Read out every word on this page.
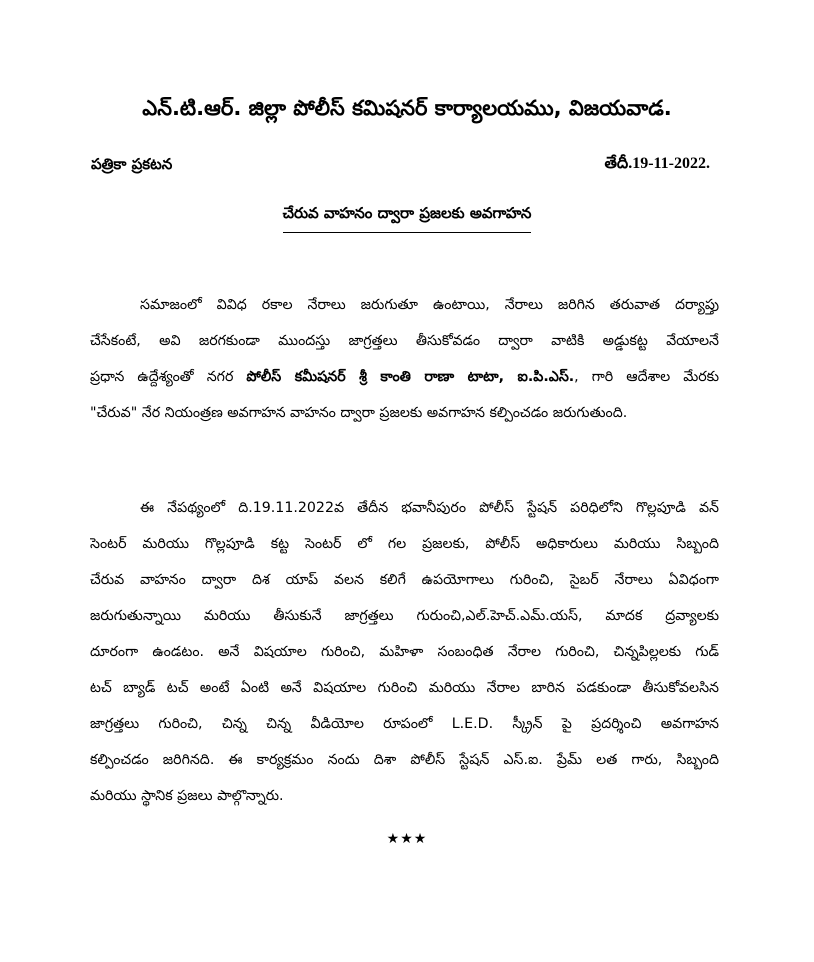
ఎన్.టి.ఆర్. జిల్లా పోలీస్ కమిషనర్ కార్యాలయము, విజయవాడ.
పత్రికా ప్రకటన	తేదీ.19-11-2022.
చేరువ వాహనం ద్వారా ప్రజలకు అవగాహన
సమాజంలో వివిధ రకాల నేరాలు జరుగుతూ ఉంటాయి, నేరాలు జరిగిన తరువాత దర్యాప్తు
చేసేకంటే, అవి జరగకుండా ముందస్తు జాగ్రత్తలు తీసుకోవడం ద్వారా వాటికి అడ్డుకట్ట వేయాలనే
ప్రధాన ఉద్దేశ్యంతో నగర పోలీస్ కమీషనర్ శ్రీ కాంతి రాణా టాటా, ఐ.పి.ఎస్., గారి ఆదేశాల మేరకు
"చేరువ" నేర నియంత్రణ అవగాహన వాహనం ద్వారా ప్రజలకు అవగాహన కల్పించడం జరుగుతుంది.
ఈ నేపథ్యంలో ది.19.11.2022వ తేదీన భవానీపురం పోలీస్ స్టేషన్ పరిధిలోని గొల్లపూడి వన్
సెంటర్ మరియు గొల్లపూడి కట్ట సెంటర్ లో గల ప్రజలకు, పోలీస్ అధికారులు మరియు సిబ్బంది
చేరువ వాహనం ద్వారా దిశ యాప్ వలన కలిగే ఉపయోగాలు గురించి, సైబర్ నేరాలు ఏవిధంగా
జరుగుతున్నాయి మరియు తీసుకునే జాగ్రత్తలు గురుంచి,ఎల్.హెచ్.ఎమ్.యస్, మాదక ద్రవ్యాలకు
దూరంగా ఉండటం. అనే విషయాల గురించి, మహిళా సంబంధిత నేరాల గురించి, చిన్నపిల్లలకు గుడ్
టచ్ బ్యాడ్ టచ్ అంటే ఏంటి అనే విషయాల గురించి మరియు నేరాల బారిన పడకుండా తీసుకోవలసిన
జాగ్రత్తలు గురించి, చిన్న చిన్న వీడియోల రూపంలో L.E.D. స్క్రీన్ పై ప్రదర్శించి అవగాహన
కల్పించడం జరిగినది. ఈ కార్యక్రమం నందు దిశా పోలీస్ స్టేషన్ ఎస్.ఐ. ప్రేమ్ లత గారు, సిబ్బంది
మరియు స్థానిక ప్రజలు పాల్గొన్నారు.
★★★
